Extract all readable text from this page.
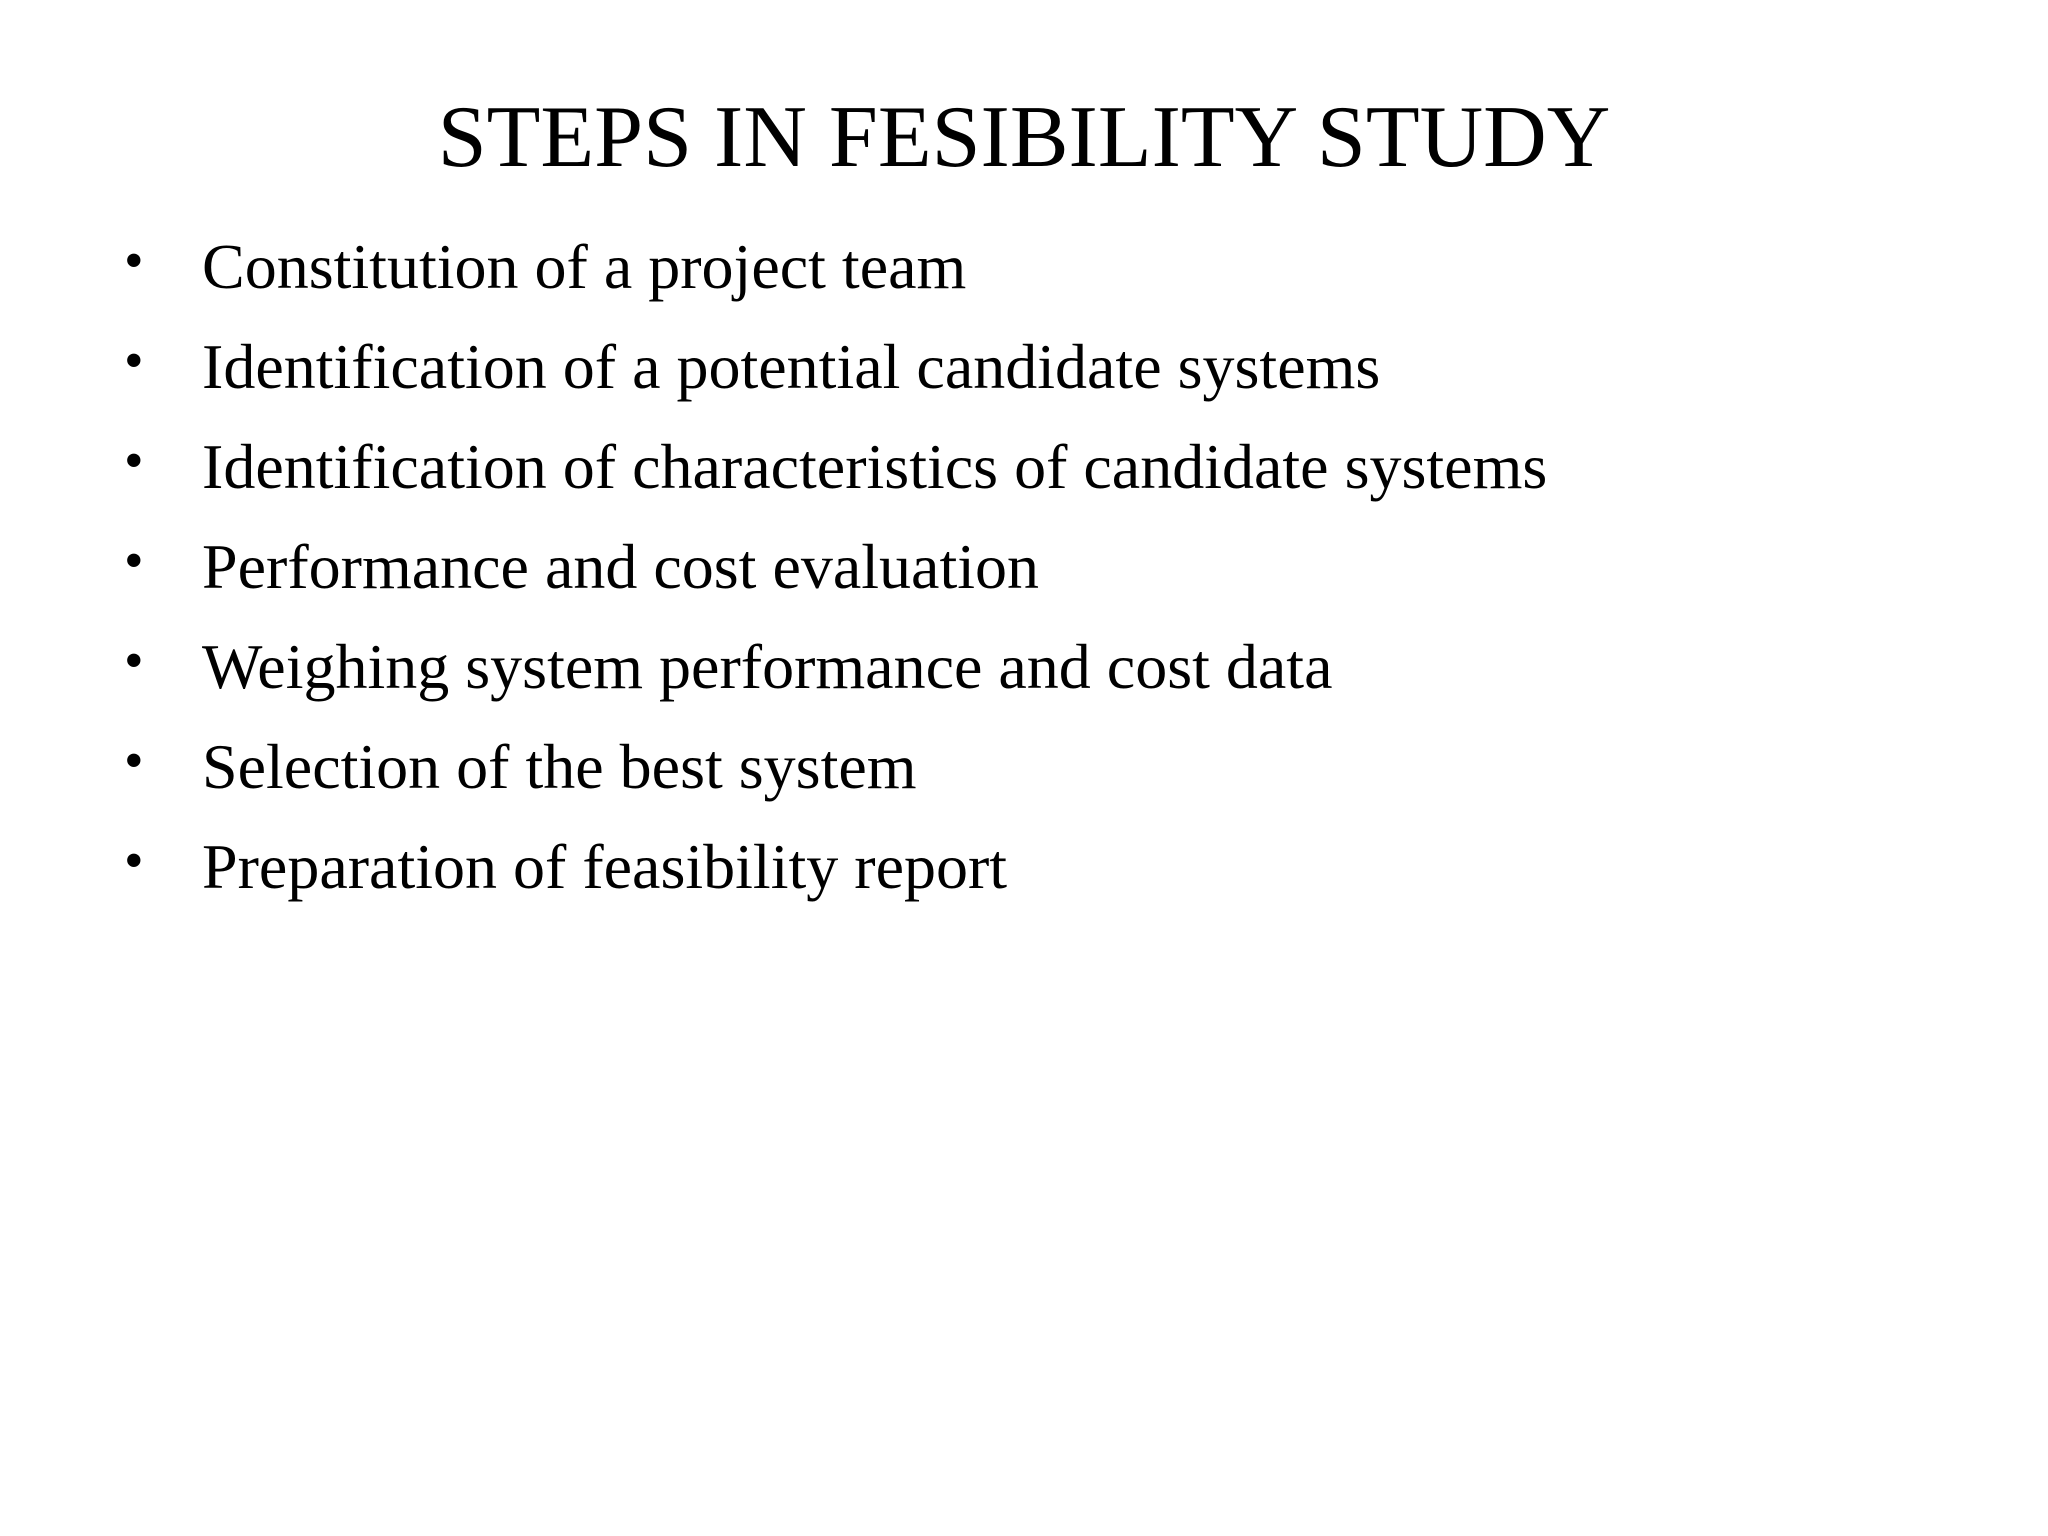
STEPS IN FESIBILITY STUDY
• Constitution of a project team
• Identification of a potential candidate systems
• Identification of characteristics of candidate systems
• Performance and cost evaluation
• Weighing system performance and cost data
• Selection of the best system
• Preparation of feasibility report
